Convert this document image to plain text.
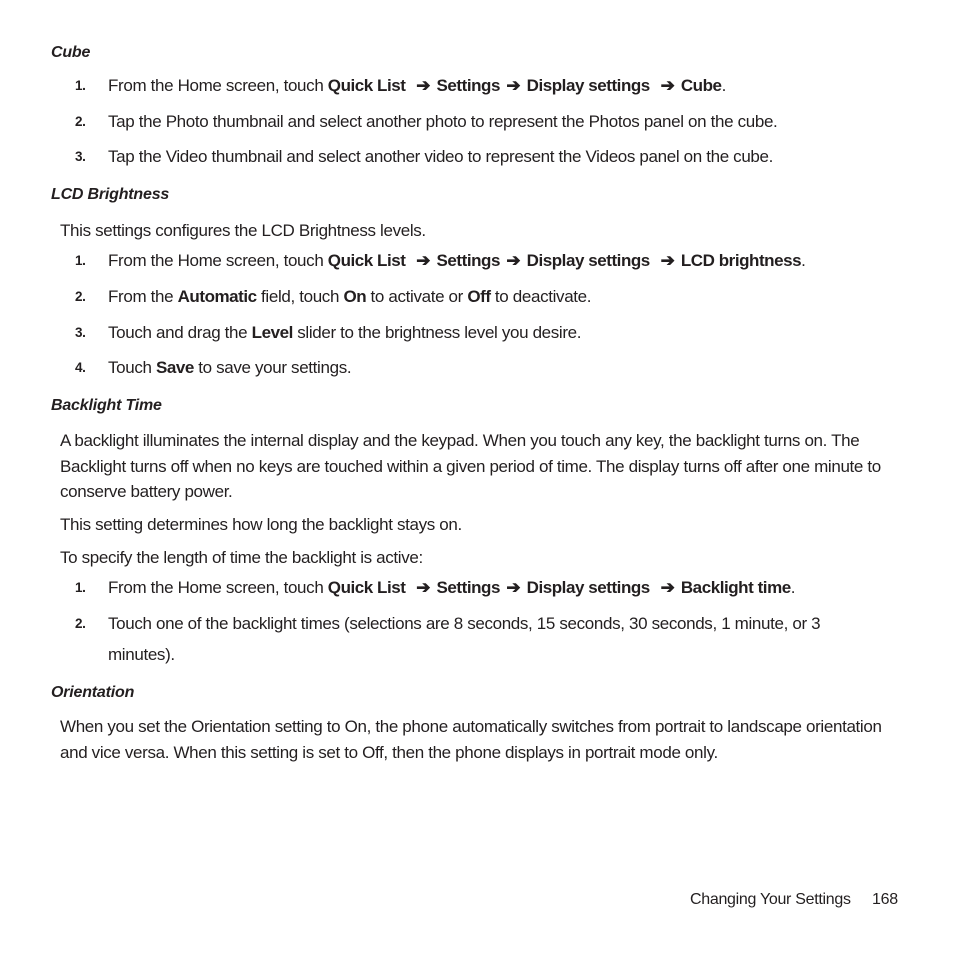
Cube
1. From the Home screen, touch Quick List ➔ Settings ➔ Display settings ➔ Cube.
2. Tap the Photo thumbnail and select another photo to represent the Photos panel on the cube.
3. Tap the Video thumbnail and select another video to represent the Videos panel on the cube.
LCD Brightness
This settings configures the LCD Brightness levels.
1. From the Home screen, touch Quick List ➔ Settings ➔ Display settings ➔ LCD brightness.
2. From the Automatic field, touch On to activate or Off to deactivate.
3. Touch and drag the Level slider to the brightness level you desire.
4. Touch Save to save your settings.
Backlight Time
A backlight illuminates the internal display and the keypad. When you touch any key, the backlight turns on. The Backlight turns off when no keys are touched within a given period of time. The display turns off after one minute to conserve battery power.
This setting determines how long the backlight stays on.
To specify the length of time the backlight is active:
1. From the Home screen, touch Quick List ➔ Settings ➔ Display settings ➔ Backlight time.
2. Touch one of the backlight times (selections are 8 seconds, 15 seconds, 30 seconds, 1 minute, or 3 minutes).
Orientation
When you set the Orientation setting to On, the phone automatically switches from portrait to landscape orientation and vice versa. When this setting is set to Off, then the phone displays in portrait mode only.
Changing Your Settings 168
